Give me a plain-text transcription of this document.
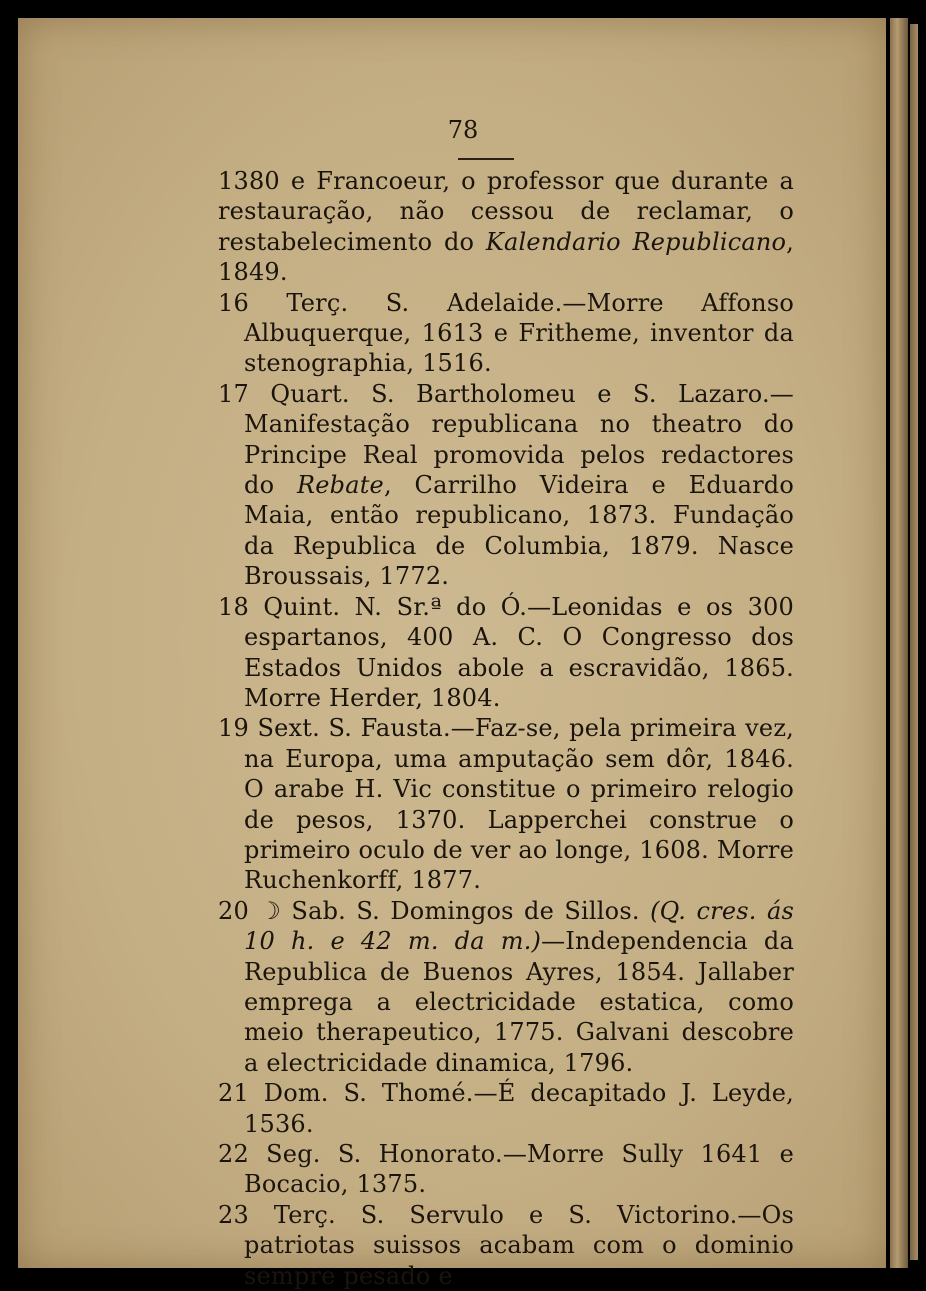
78

1380 e Francoeur, o professor que durante a restauração, não cessou de reclamar, o restabelecimento do Kalendario Republicano, 1849.

16 Terç. S. Adelaide.—Morre Affonso Albuquerque, 1613 e Fritheme, inventor da stenographia, 1516.

17 Quart. S. Bartholomeu e S. Lazaro.—Manifestação republicana no theatro do Principe Real promovida pelos redactores do Rebate, Carrilho Videira e Eduardo Maia, então republicano, 1873. Fundação da Republica de Columbia, 1879. Nasce Broussais, 1772.

18 Quint. N. Sr.ª do Ó.—Leonidas e os 300 espartanos, 400 A. C. O Congresso dos Estados Unidos abole a escravidão, 1865. Morre Herder, 1804.

19 Sext. S. Fausta.—Faz-se, pela primeira vez, na Europa, uma amputação sem dôr, 1846. O arabe H. Vic constitue o primeiro relogio de pesos, 1370. Lapperchei construe o primeiro oculo de ver ao longe, 1608. Morre Ruchenkorff, 1877.

20 ☽ Sab. S. Domingos de Sillos. (Q. cres. ás 10 h. e 42 m. da m.)—Independencia da Republica de Buenos Ayres, 1854. Jallaber emprega a electricidade estatica, como meio therapeutico, 1775. Galvani descobre a electricidade dinamica, 1796.

21 Dom. S. Thomé.—É decapitado J. Leyde, 1536.

22 Seg. S. Honorato.—Morre Sully 1641 e Bocacio, 1375.

23 Terç. S. Servulo e S. Victorino.—Os patriotas suissos acabam com o dominio sempre pesado e
